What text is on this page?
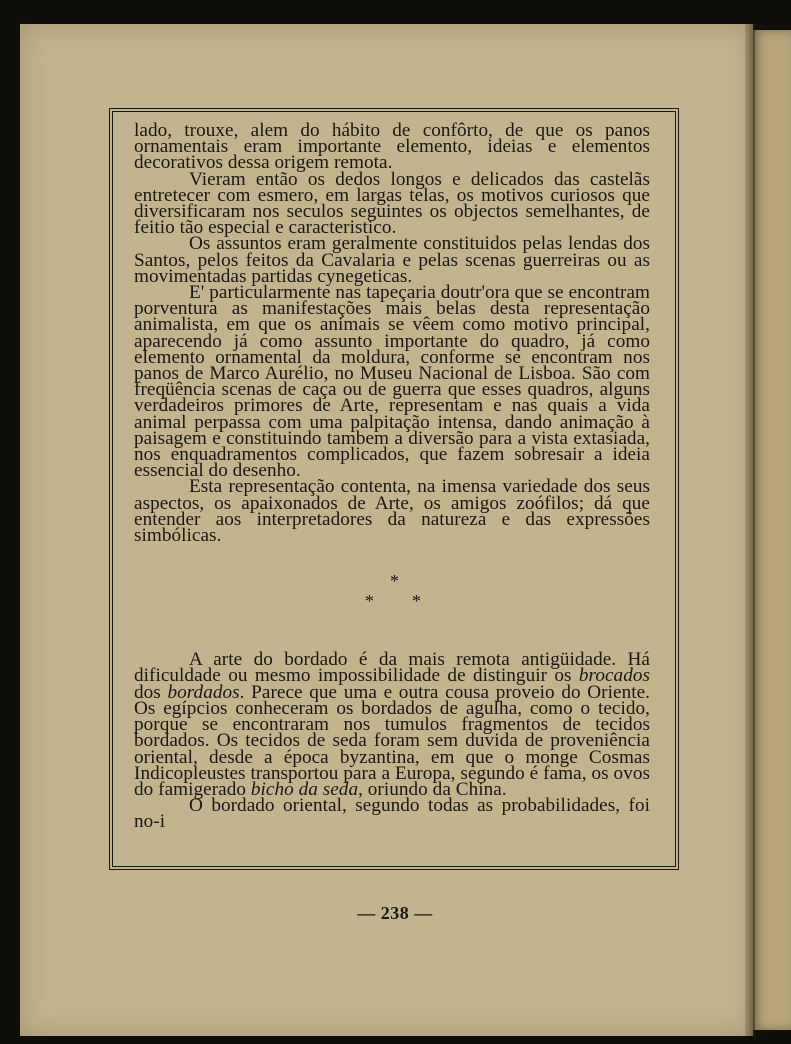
lado, trouxe, alem do hábito de confôrto, de que os panos ornamentais eram importante elemento, ideias e elementos decorativos dessa origem remota.

Vieram então os dedos longos e delicados das castelãs entretecer com esmero, em largas telas, os motivos curiosos que diversificaram nos seculos seguintes os objectos semelhantes, de feitio tão especial e caracteristico.

Os assuntos eram geralmente constituidos pelas lendas dos Santos, pelos feitos da Cavalaria e pelas scenas guerreiras ou as movimentadas partidas cynegeticas.

E' particularmente nas tapeçaria doutr'ora que se encontram porventura as manifestações mais belas desta representação animalista, em que os animais se vêem como motivo principal, aparecendo já como assunto importante do quadro, já como elemento ornamental da moldura, conforme se encontram nos panos de Marco Aurélio, no Museu Nacional de Lisboa. São com freqüência scenas de caça ou de guerra que esses quadros, alguns verdadeiros primores de Arte, representam e nas quais a vida animal perpassa com uma palpitação intensa, dando animação à paisagem e constituindo tambem a diversão para a vista extasiada, nos enquadramentos complicados, que fazem sobresair a ideia essencial do desenho.

Esta representação contenta, na imensa variedade dos seus aspectos, os apaixonados de Arte, os amigos zoófilos; dá que entender aos interpretadores da natureza e das expressões simbólicas.

*
* *

A arte do bordado é da mais remota antigüidade. Há dificuldade ou mesmo impossibilidade de distinguir os brocados dos bordados. Parece que uma e outra cousa proveio do Oriente. Os egípcios conheceram os bordados de agulha, como o tecido, porque se encontraram nos tumulos fragmentos de tecidos bordados. Os tecidos de seda foram sem duvida de proveniência oriental, desde a época byzantina, em que o monge Cosmas Indicopleustes transportou para a Europa, segundo é fama, os ovos do famigerado bicho da seda, oriundo da China.

O bordado oriental, segundo todas as probabilidades, foi no-i

— 238 —
